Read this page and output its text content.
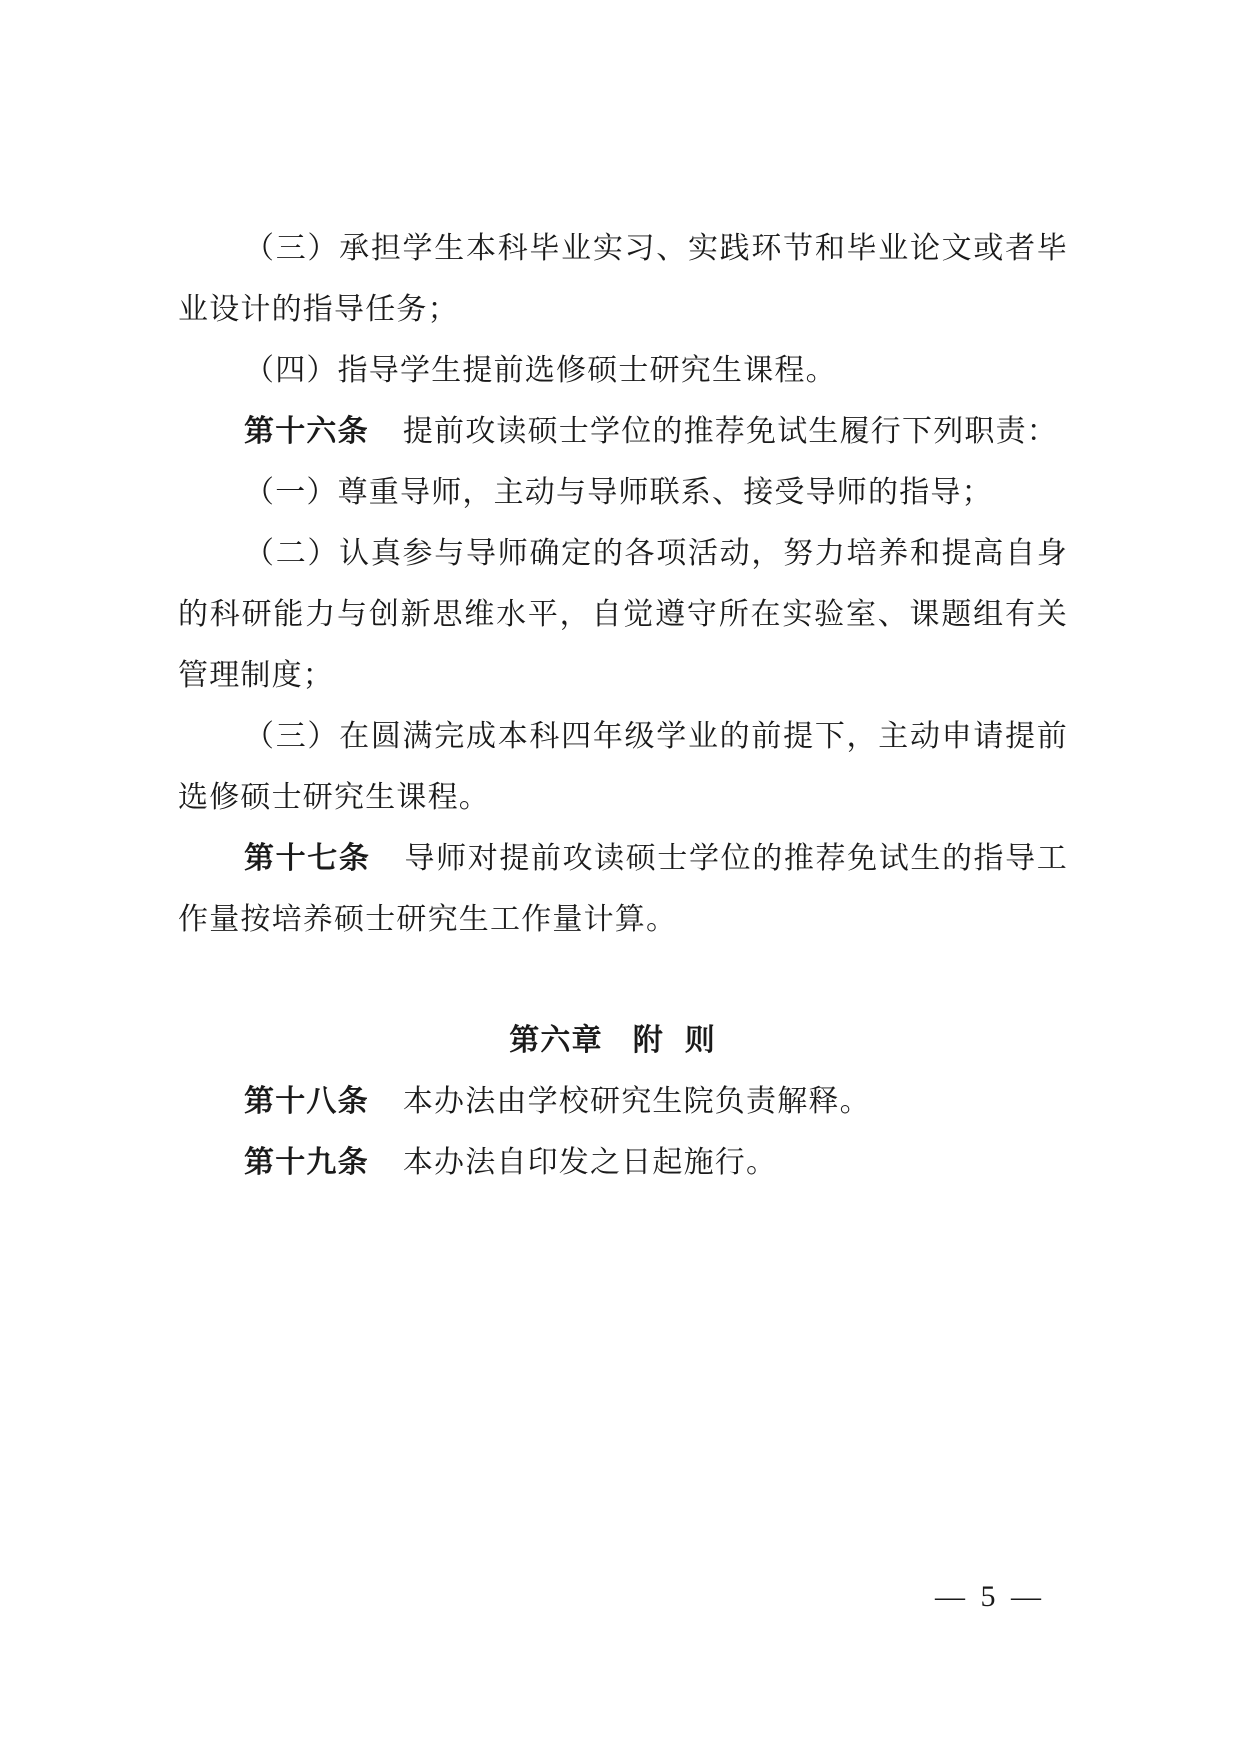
（三）承担学生本科毕业实习、实践环节和毕业论文或者毕业设计的指导任务；

（四）指导学生提前选修硕士研究生课程。

第十六条 提前攻读硕士学位的推荐免试生履行下列职责：

（一）尊重导师，主动与导师联系、接受导师的指导；

（二）认真参与导师确定的各项活动，努力培养和提高自身的科研能力与创新思维水平，自觉遵守所在实验室、课题组有关管理制度；

（三）在圆满完成本科四年级学业的前提下，主动申请提前选修硕士研究生课程。

第十七条 导师对提前攻读硕士学位的推荐免试生的指导工作量按培养硕士研究生工作量计算。

第六章 附则

第十八条 本办法由学校研究生院负责解释。

第十九条 本办法自印发之日起施行。

— 5 —
